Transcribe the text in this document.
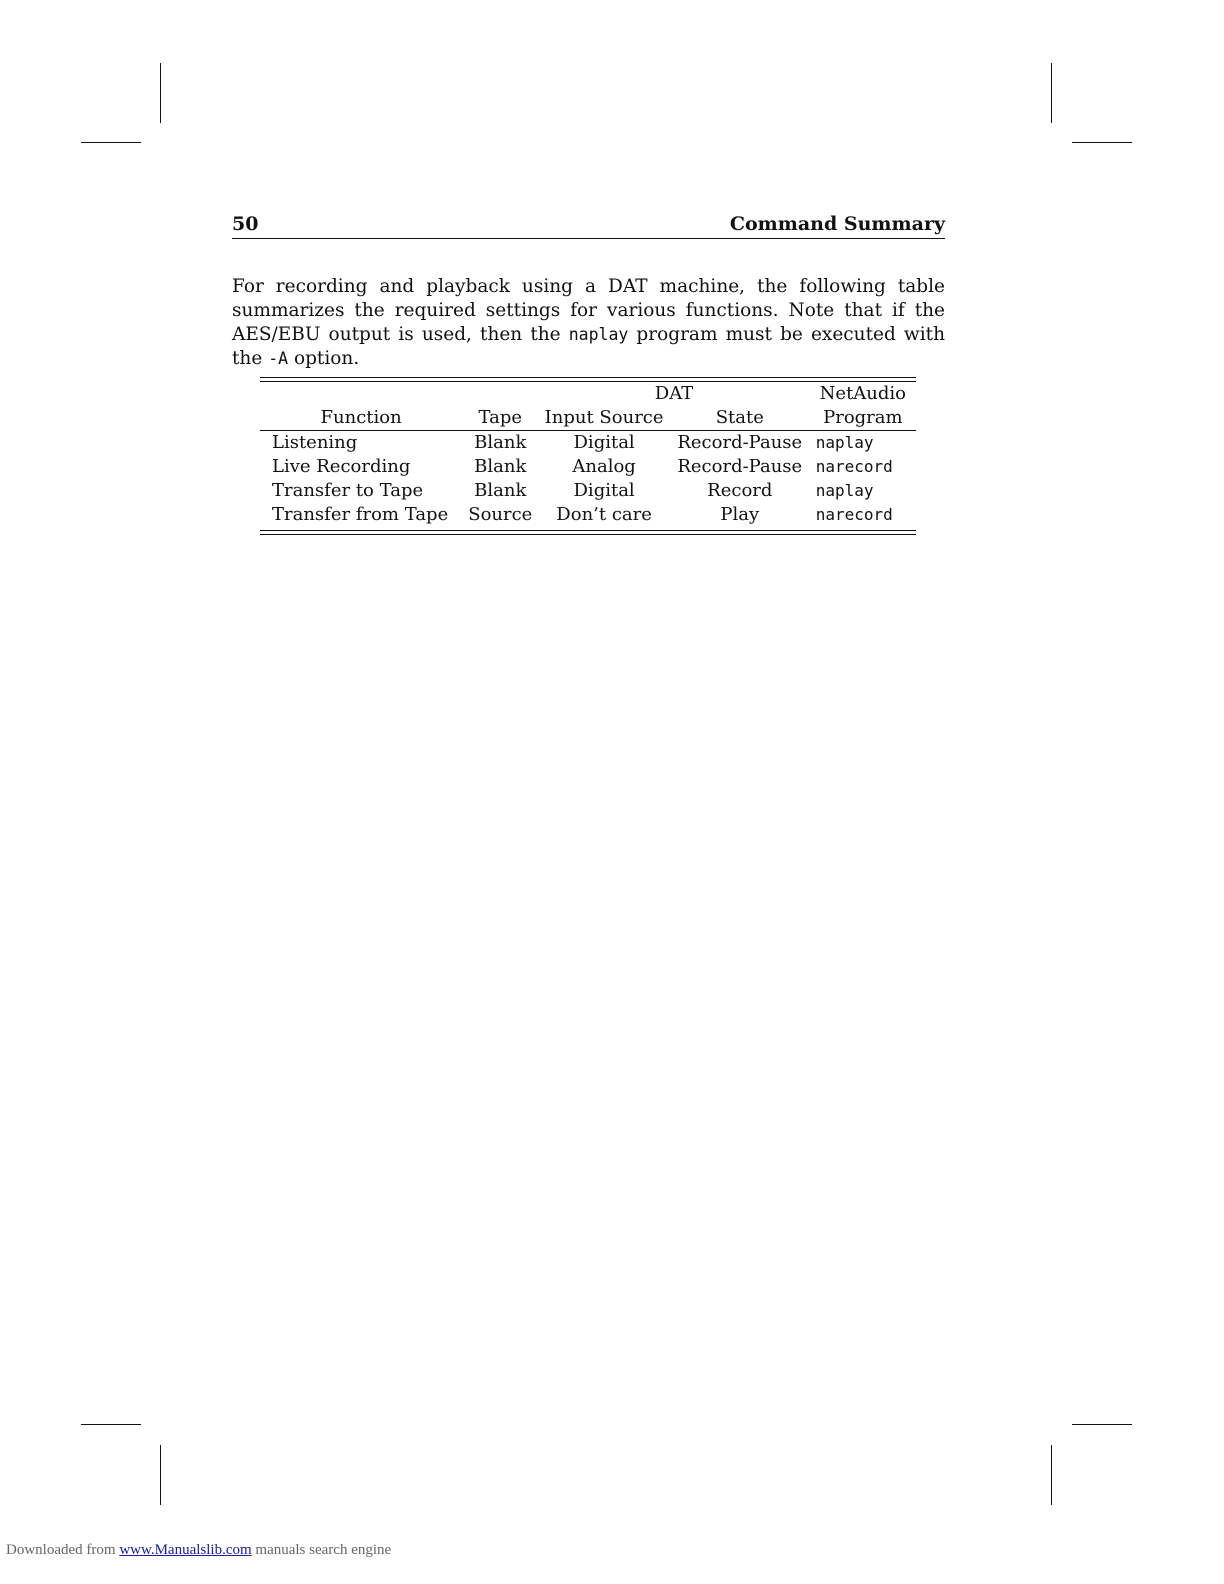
50	Command Summary

For recording and playback using a DAT machine, the following table summarizes the required settings for various functions. Note that if the AES/EBU output is used, then the naplay program must be executed with the -A option.

		DAT		NetAudio
Function	Tape	Input Source	State	Program

Listening	Blank	Digital	Record-Pause	naplay
Live Recording	Blank	Analog	Record-Pause	narecord
Transfer to Tape	Blank	Digital	Record	naplay
Transfer from Tape	Source	Don’t care	Play	narecord
Downloaded from www.Manualslib.com manuals search engine
